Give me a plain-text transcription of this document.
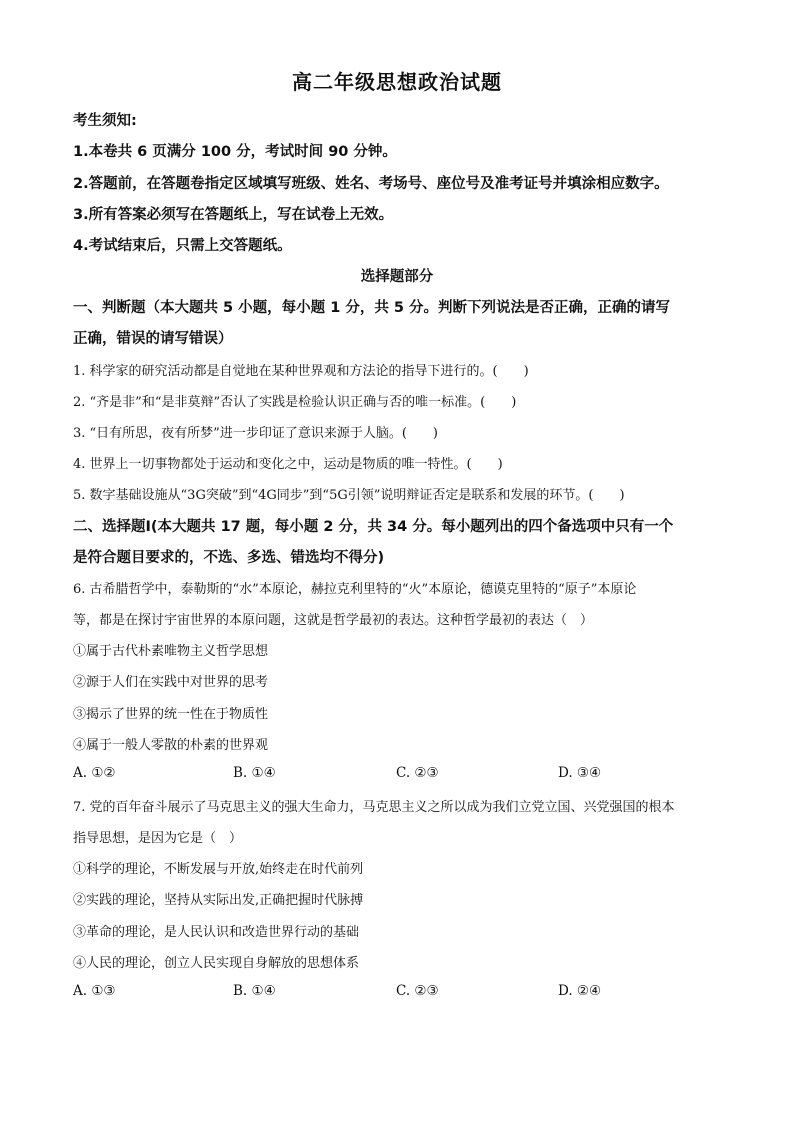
高二年级思想政治试题
考生须知:
1.本卷共 6 页满分 100 分，考试时间 90 分钟。
2.答题前，在答题卷指定区域填写班级、姓名、考场号、座位号及准考证号并填涂相应数字。
3.所有答案必须写在答题纸上，写在试卷上无效。
4.考试结束后，只需上交答题纸。
选择题部分
一、判断题（本大题共 5 小题，每小题 1 分，共 5 分。判断下列说法是否正确，正确的请写
正确，错误的请写错误）
1. 科学家的研究活动都是自觉地在某种世界观和方法论的指导下进行的。(　　)
2. “齐是非”和“是非莫辩”否认了实践是检验认识正确与否的唯一标准。(　　)
3. “日有所思，夜有所梦”进一步印证了意识来源于人脑。(　　)
4. 世界上一切事物都处于运动和变化之中，运动是物质的唯一特性。(　　)
5. 数字基础设施从“3G突破”到“4G同步”到“5G引领”说明辩证否定是联系和发展的环节。(　　)
二、选择题Ⅰ(本大题共 17 题，每小题 2 分，共 34 分。每小题列出的四个备选项中只有一个
是符合题目要求的，不选、多选、错选均不得分)
6. 古希腊哲学中，泰勒斯的“水”本原论，赫拉克利里特的“火”本原论，德谟克里特的“原子”本原论
等，都是在探讨宇宙世界的本原问题，这就是哲学最初的表达。这种哲学最初的表达（　）
①属于古代朴素唯物主义哲学思想
②源于人们在实践中对世界的思考
③揭示了世界的统一性在于物质性
④属于一般人零散的朴素的世界观
A. ①②	B. ①④	C. ②③	D. ③④
7. 党的百年奋斗展示了马克思主义的强大生命力，马克思主义之所以成为我们立党立国、兴党强国的根本
指导思想，是因为它是（　）
①科学的理论，不断发展与开放,始终走在时代前列
②实践的理论，坚持从实际出发,正确把握时代脉搏
③革命的理论，是人民认识和改造世界行动的基础
④人民的理论，创立人民实现自身解放的思想体系
A. ①③	B. ①④	C. ②③	D. ②④
